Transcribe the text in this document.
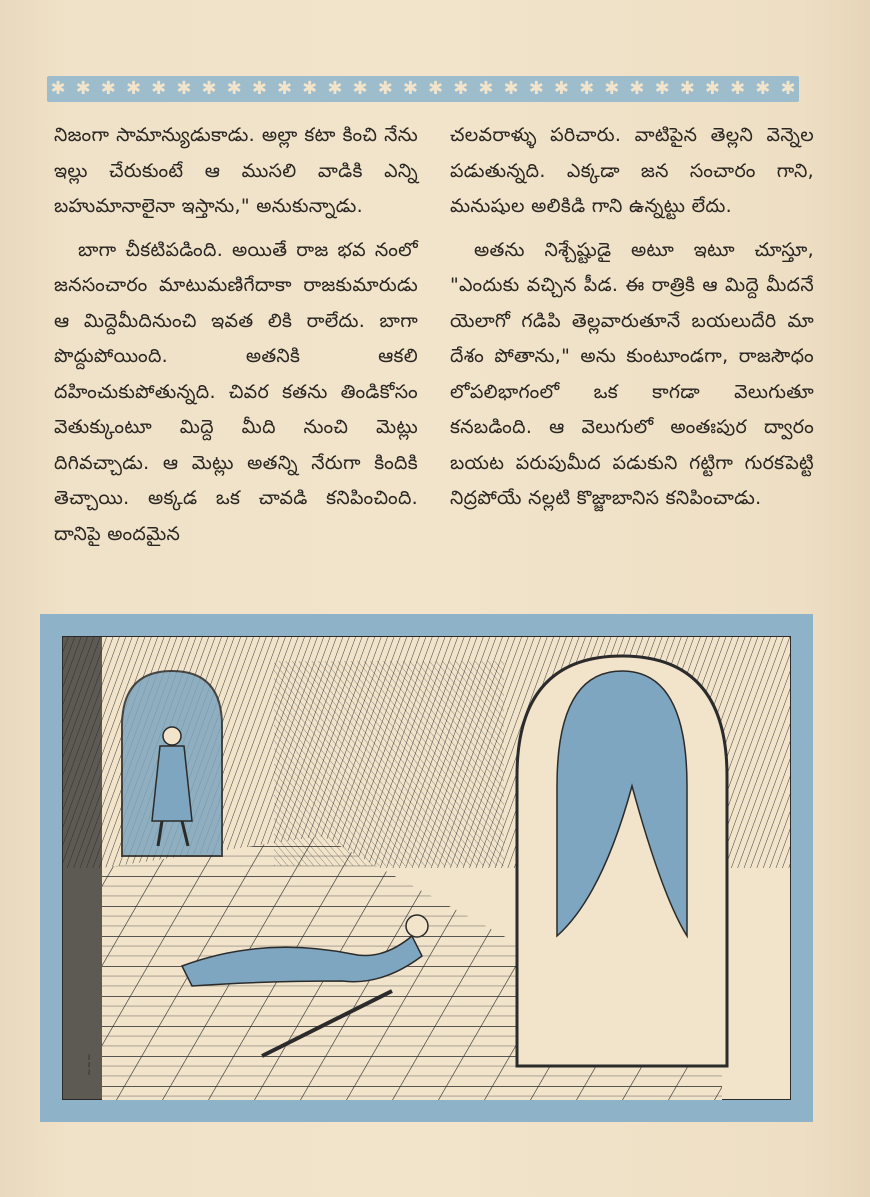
✱ ✱ ✱ ✱ ✱ ✱ ✱ ✱ ✱ ✱ ✱ ✱ ✱ ✱ ✱ ✱ ✱ ✱ ✱ ✱ ✱ ✱ ✱ ✱ ✱ ✱ ✱ ✱ ✱ ✱

నిజంగా సామాన్యుడుకాడు. అల్లా కటా కించి నేను ఇల్లు చేరుకుంటే ఆ ముసలి వాడికి ఎన్ని బహుమానాలైనా ఇస్తాను," అనుకున్నాడు.

బాగా చీకటిపడింది. అయితే రాజ భవ నంలో జనసంచారం మాటుమణిగేదాకా రాజకుమారుడు ఆ మిద్దెమీదినుంచి ఇవత లికి రాలేదు. బాగా పొద్దుపోయింది. అతనికి ఆకలి దహించుకుపోతున్నది. చివర కతను తిండికోసం వెతుక్కుంటూ మిద్దె మీది నుంచి మెట్లు దిగివచ్చాడు. ఆ మెట్లు అతన్ని నేరుగా కిందికి తెచ్చాయి. అక్కడ ఒక చావడి కనిపించింది. దానిపై అందమైన

చలవరాళ్ళు పరిచారు. వాటిపైన తెల్లని వెన్నెల పడుతున్నది. ఎక్కడా జన సంచారం గాని, మనుషుల అలికిడి గాని ఉన్నట్టు లేదు.

అతను నిశ్చేష్టుడై అటూ ఇటూ చూస్తూ, "ఎందుకు వచ్చిన పీడ. ఈ రాత్రికి ఆ మిద్దె మీదనే యెలాగో గడిపి తెల్లవారుతూనే బయలుదేరి మా దేశం పోతాను," అను కుంటూండగా, రాజసౌధం లోపలిభాగంలో ఒక కాగడా వెలుగుతూ కనబడింది. ఆ వెలుగులో అంతఃపుర ద్వారం బయట పరుపుమీద పడుకుని గట్టిగా గురకపెట్టి నిద్రపోయే నల్లటి కొజ్జాబానిస కనిపించాడు.

~~~
